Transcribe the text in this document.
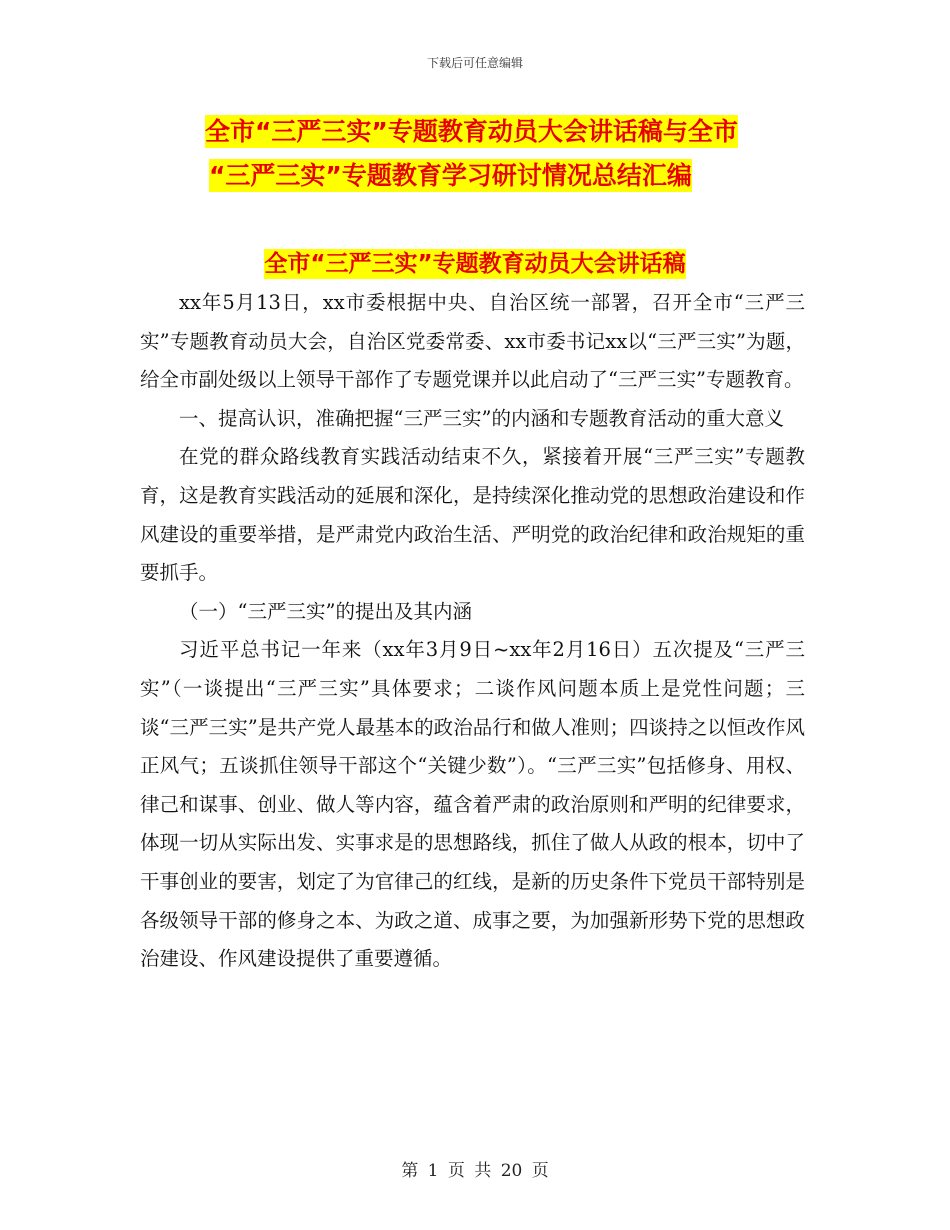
下载后可任意编辑
全市“三严三实”专题教育动员大会讲话稿与全市
“三严三实”专题教育学习研讨情况总结汇编
全市“三严三实”专题教育动员大会讲话稿

xx年5月13日，xx市委根据中央、自治区统一部署，召开全市“三严三实”专题教育动员大会，自治区党委常委、xx市委书记xx以“三严三实”为题，给全市副处级以上领导干部作了专题党课并以此启动了“三严三实”专题教育。

一、提高认识，准确把握“三严三实”的内涵和专题教育活动的重大意义

在党的群众路线教育实践活动结束不久，紧接着开展“三严三实”专题教育，这是教育实践活动的延展和深化，是持续深化推动党的思想政治建设和作风建设的重要举措，是严肃党内政治生活、严明党的政治纪律和政治规矩的重要抓手。

（一）“三严三实”的提出及其内涵

习近平总书记一年来（xx年3月9日~xx年2月16日）五次提及“三严三实”（一谈提出“三严三实”具体要求；二谈作风问题本质上是党性问题；三谈“三严三实”是共产党人最基本的政治品行和做人准则；四谈持之以恒改作风正风气；五谈抓住领导干部这个“关键少数”）。“三严三实”包括修身、用权、律己和谋事、创业、做人等内容，蕴含着严肃的政治原则和严明的纪律要求，体现一切从实际出发、实事求是的思想路线，抓住了做人从政的根本，切中了干事创业的要害，划定了为官律己的红线，是新的历史条件下党员干部特别是各级领导干部的修身之本、为政之道、成事之要，为加强新形势下党的思想政治建设、作风建设提供了重要遵循。

第 1 页 共 20 页
